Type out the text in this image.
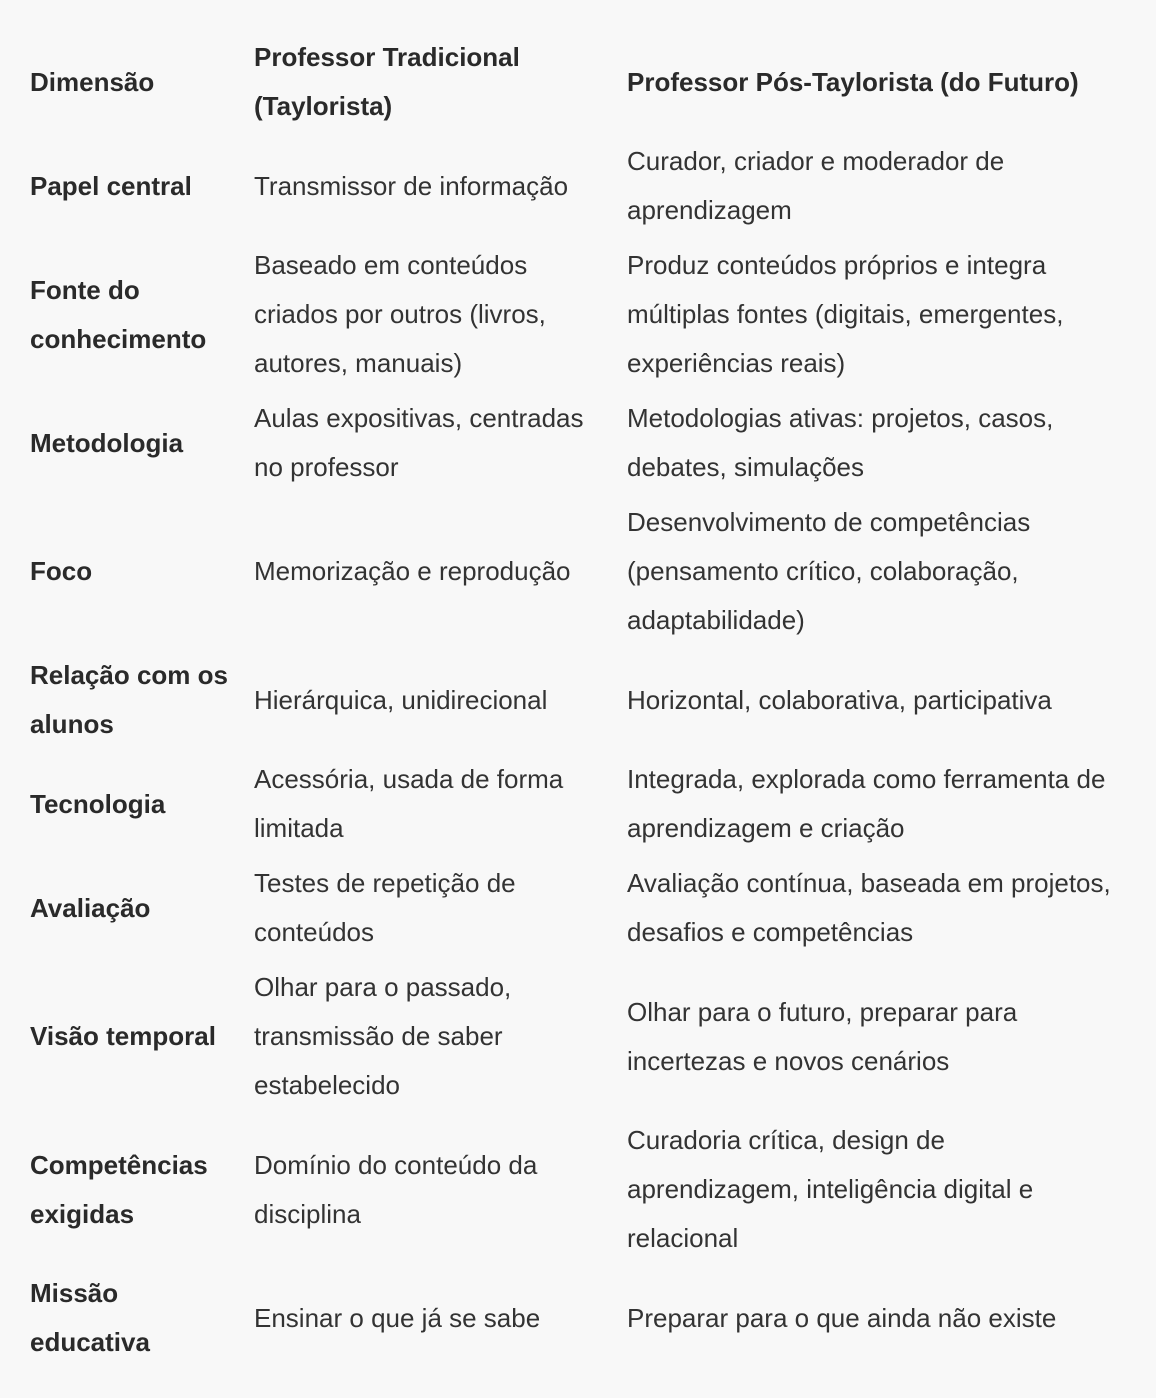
Dimensão	Professor Tradicional (Taylorista)	Professor Pós-Taylorista (do Futuro)
Papel central	Transmissor de informação	Curador, criador e moderador de aprendizagem
Fonte do conhecimento	Baseado em conteúdos criados por outros (livros, autores, manuais)	Produz conteúdos próprios e integra múltiplas fontes (digitais, emergentes, experiências reais)
Metodologia	Aulas expositivas, centradas no professor	Metodologias ativas: projetos, casos, debates, simulações
Foco	Memorização e reprodução	Desenvolvimento de competências (pensamento crítico, colaboração, adaptabilidade)
Relação com os alunos	Hierárquica, unidirecional	Horizontal, colaborativa, participativa
Tecnologia	Acessória, usada de forma limitada	Integrada, explorada como ferramenta de aprendizagem e criação
Avaliação	Testes de repetição de conteúdos	Avaliação contínua, baseada em projetos, desafios e competências
Visão temporal	Olhar para o passado, transmissão de saber estabelecido	Olhar para o futuro, preparar para incertezas e novos cenários
Competências exigidas	Domínio do conteúdo da disciplina	Curadoria crítica, design de aprendizagem, inteligência digital e relacional
Missão educativa	Ensinar o que já se sabe	Preparar para o que ainda não existe
